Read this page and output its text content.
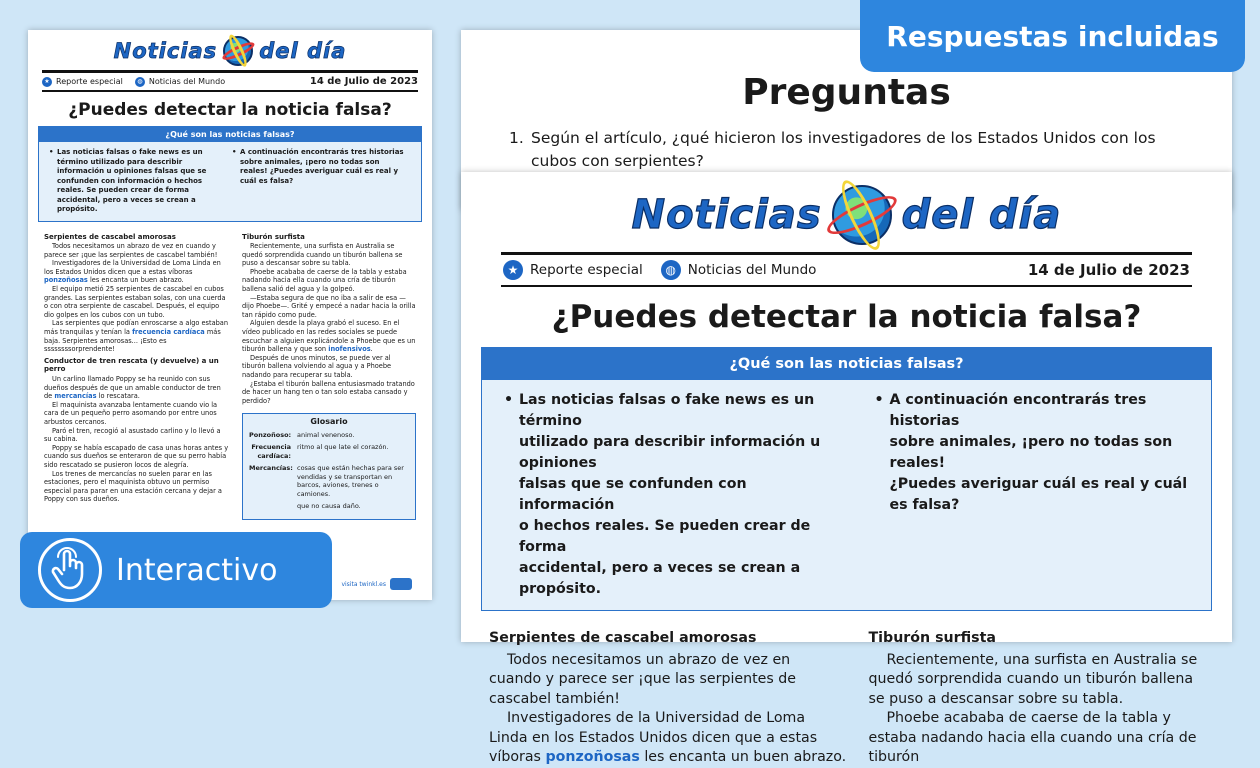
Noticias del día
★ Reporte especial	◍ Noticias del Mundo	14 de Julio de 2023
¿Puedes detectar la noticia falsa?
¿Qué son las noticias falsas?
• Las noticias falsas o fake news es un término utilizado para describir información u opiniones falsas que se confunden con información o hechos reales. Se pueden crear de forma accidental, pero a veces se crean a propósito.
• A continuación encontrarás tres historias sobre animales, ¡pero no todas son reales! ¿Puedes averiguar cuál es real y cuál es falsa?
Serpientes de cascabel amorosas

Todos necesitamos un abrazo de vez en cuando y parece ser ¡que las serpientes de cascabel también!

Investigadores de la Universidad de Loma Linda en los Estados Unidos dicen que a estas víboras ponzoñosas les encanta un buen abrazo.

El equipo metió 25 serpientes de cascabel en cubos grandes. Las serpientes estaban solas, con una cuerda o con otra serpiente de cascabel. Después, el equipo dio golpes en los cubos con un tubo.

Las serpientes que podían enroscarse a algo estaban más tranquilas y tenían la frecuencia cardíaca más baja. Serpientes amorosas... ¡Esto es ssssssssorprendente!

Conductor de tren rescata (y devuelve) a un perro

Un carlino llamado Poppy se ha reunido con sus dueños después de que un amable conductor de tren de mercancías lo rescatara.

El maquinista avanzaba lentamente cuando vio la cara de un pequeño perro asomando por entre unos arbustos cercanos.

Paró el tren, recogió al asustado carlino y lo llevó a su cabina.

Poppy se había escapado de casa unas horas antes y cuando sus dueños se enteraron de que su perro había sido rescatado se pusieron locos de alegría.

Los trenes de mercancías no suelen parar en las estaciones, pero el maquinista obtuvo un permiso especial para parar en una estación cercana y dejar a Poppy con sus dueños.

Tiburón surfista

Recientemente, una surfista en Australia se quedó sorprendida cuando un tiburón ballena se puso a descansar sobre su tabla.

Phoebe acababa de caerse de la tabla y estaba nadando hacia ella cuando una cría de tiburón ballena salió del agua y la golpeó.

—Estaba segura de que no iba a salir de esa —dijo Phoebe—. Grité y empecé a nadar hacia la orilla tan rápido como pude.

Alguien desde la playa grabó el suceso. En el vídeo publicado en las redes sociales se puede escuchar a alguien explicándole a Phoebe que es un tiburón ballena y que son inofensivos.

Después de unos minutos, se puede ver al tiburón ballena volviendo al agua y a Phoebe nadando para recuperar su tabla.

¿Estaba el tiburón ballena entusiasmado tratando de hacer un hang ten o tan solo estaba cansado y perdido?

Glosario
Ponzoñoso: animal venenoso.
Frecuencia cardíaca:
ritmo al que late el corazón.
Mercancías: cosas que están hechas para ser vendidas y se transportan en barcos, aviones, trenes o camiones.
que no causa daño.
visita twinkl.es
Preguntas
1. Según el artículo, ¿qué hicieron los investigadores de los Estados Unidos con los cubos con serpientes?
Noticias del día
★ Reporte especial	◍ Noticias del Mundo	14 de Julio de 2023
¿Puedes detectar la noticia falsa?
¿Qué son las noticias falsas?
• Las noticias falsas o fake news es un término
utilizado para describir información u opiniones
falsas que se confunden con información
o hechos reales. Se pueden crear de forma
accidental, pero a veces se crean a propósito.
• A continuación encontrarás tres historias
sobre animales, ¡pero no todas son reales!
¿Puedes averiguar cuál es real y cuál es falsa?
Serpientes de cascabel amorosas

Todos necesitamos un abrazo de vez en cuando y parece ser ¡que las serpientes de cascabel también!

Investigadores de la Universidad de Loma Linda en los Estados Unidos dicen que a estas víboras ponzoñosas les encanta un buen abrazo.

Tiburón surfista

Recientemente, una surfista en Australia se quedó sorprendida cuando un tiburón ballena se puso a descansar sobre su tabla.

Phoebe acababa de caerse de la tabla y estaba nadando hacia ella cuando una cría de tiburón

Respuestas incluidas
Interactivo
